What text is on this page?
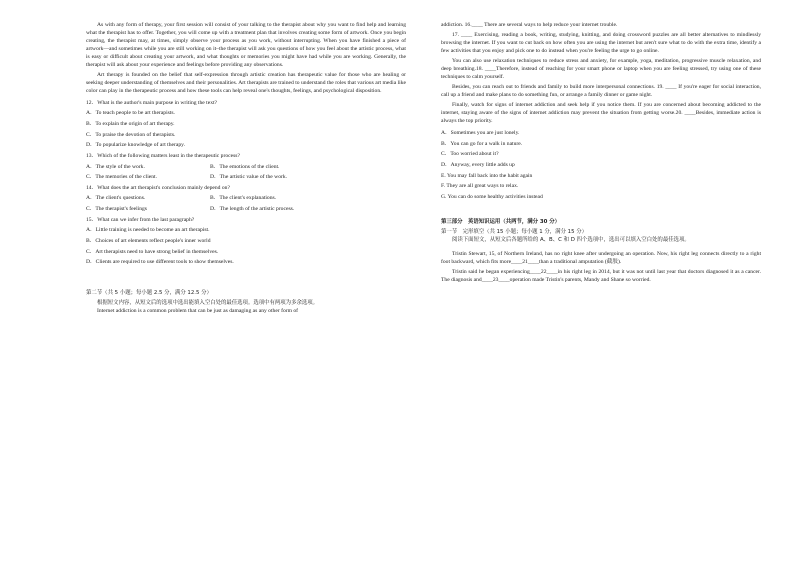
As with any form of therapy, your first session will consist of your talking to the therapist about why you want to find help and learning what the therapist has to offer. Together, you will come up with a treatment plan that involves creating some form of artwork. Once you begin creating, the therapist may, at times, simply observe your process as you work, without interrupting. When you have finished a piece of artwork—and sometimes while you are still working on it–the therapist will ask you questions of how you feel about the artistic process, what is easy or difficult about creating your artwork, and what thoughts or memories you might have had while you are working. Generally, the therapist will ask about your experience and feelings before providing any observations.

Art therapy is founded on the belief that self-expression through artistic creation has therapeutic value for those who are healing or seeking deeper understanding of themselves and their personalities. Art therapists are trained to understand the roles that various art media like color can play in the therapeutic process and how these tools can help reveal one's thoughts, feelings, and psychological disposition.

12．What is the author's main purpose in writing the text?
A．To teach people to be art therapists.
B．To explain the origin of art therapy.
C．To praise the devotion of therapists.
D．To popularize knowledge of art therapy.
13．Which of the following matters least in the therapeutic process?
A．The style of the work.	B．The emotions of the client.
C．The memories of the client.	D．The artistic value of the work.
14．What does the art therapist's conclusion mainly depend on?
A．The client's questions.	B．The client's explanations.
C．The therapist's feelings	D．The length of the artistic process.
15．What can we infer from the last paragraph?
A．Little training is needed to become an art therapist.
B．Choices of art elements reflect people's inner world
C．Art therapists need to have strong belief in themselves.
D．Clients are required to use different tools to show themselves.
第二节（共 5 小题；每小题 2.5 分，满分 12.5 分）
根据短文内容，从短文后的选项中选出能填入空白处的最佳选项。选项中有两项为多余选项。

Internet addiction is a common problem that can be just as damaging as any other form of

addiction. 16.____ There are several ways to help reduce your internet trouble.

17. ____ Exercising, reading a book, writing, studying, knitting, and doing crossword puzzles are all better alternatives to mindlessly browsing the internet. If you want to cut back on how often you are using the internet but aren't sure what to do with the extra time, identify a few activities that you enjoy and pick one to do instead when you're feeling the urge to go online.

You can also use relaxation techniques to reduce stress and anxiety, for example, yoga, meditation, progressive muscle relaxation, and deep breathing.18. ____Therefore, instead of reaching for your smart phone or laptop when you are feeling stressed, try using one of these techniques to calm yourself.

Besides, you can reach out to friends and family to build more interpersonal connections. 19. ____ If you're eager for social interaction, call up a friend and make plans to do something fun, or arrange a family dinner or game night.

Finally, watch for signs of internet addiction and seek help if you notice them. If you are concerned about becoming addicted to the internet, staying aware of the signs of internet addiction may prevent the situation from getting worse.20. ____Besides, immediate action is always the top priority.

A．Sometimes you are just lonely.
B．You can go for a walk in nature.
C．Too worried about it?
D．Anyway, every little adds up
E. You may fall back into the habit again
F. They are all great ways to relax.
G. You can do some healthy activities instead
第三部分　英语知识运用（共两节，满分 30 分）
第一节　完形填空（共 15 小题；每小题 1 分，满分 15 分）

阅读下面短文，从短文后各题所给的 A、B、C 和 D 四个选项中，选出可以填入空白处的最佳选项。

Tristin Stewart, 15, of Northern Ireland, has no right knee after undergoing an operation. Now, his right leg connects directly to a right foot backward, which fits more____21____than a traditional amputation (截肢).

Tristin said he began experiencing____22____in his right leg in 2014, but it was not until last year that doctors diagnosed it as a cancer. The diagnosis and____23____operation made Tristin's parents, Mandy and Shane so worried.
